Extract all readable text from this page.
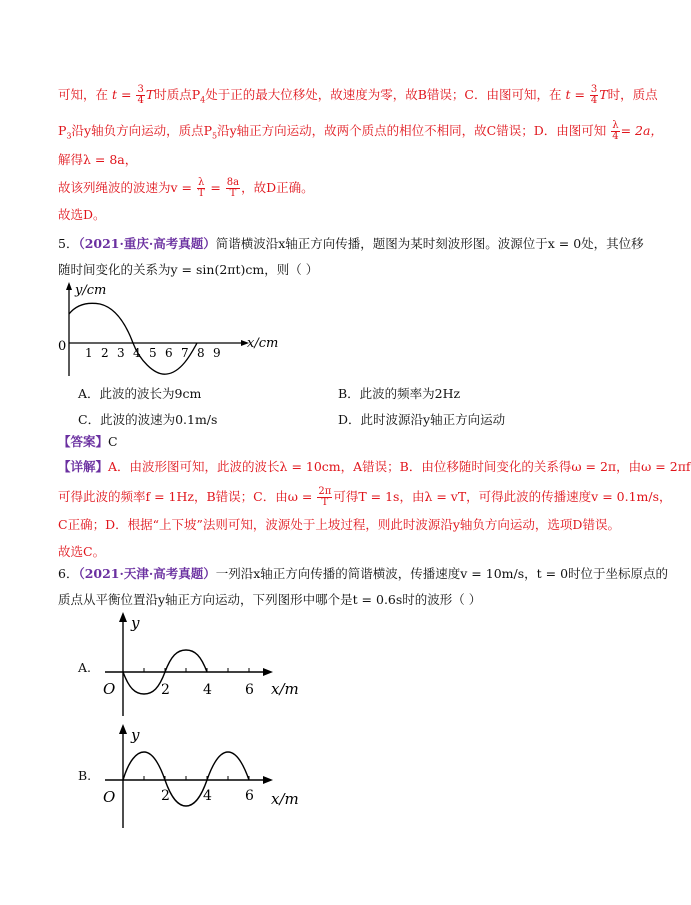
可知，在 $t = \frac{3}{4}$ T时质点$P_4$处于正的最大位移处，故速度为零，故B错误；C．由图可知，在 $t = \frac{3}{4}$ T时，质点
$P_3$沿y轴负方向运动，质点$P_5$沿y轴正方向运动，故两个质点的相位不相同，故C错误；D．由图可知 $\frac{\lambda}{4} = 2a$，
解得λ = 8a，
故该列绳波的波速为$v = \frac{\lambda}{T} = \frac{8a}{T}$ ，故D正确。
故选D。
5．（2021·重庆·高考真题）简谐横波沿x轴正方向传播，题图为某时刻波形图。波源位于x = 0处，其位移
随时间变化的关系为y = sin(2πt)cm，则（ ）
y/cm
x/cm
0 1 2 3 4 5 6 7 8 9
A．此波的波长为9cm	B．此波的频率为2Hz
C．此波的波速为0.1m/s	D．此时波源沿y轴正方向运动
【答案】C
【详解】A．由波形图可知，此波的波长λ = 10cm，A错误；B．由位移随时间变化的关系得ω = 2π，由ω = 2πf
可得此波的频率f = 1Hz，B错误；C．由$\omega = \frac{2\pi}{T}$ 可得T = 1s，由λ = vT，可得此波的传播速度v = 0.1m/s，
C正确；D．根据“上下坡”法则可知，波源处于上坡过程，则此时波源沿y轴负方向运动，选项D错误。
故选C。
6．（2021·天津·高考真题）一列沿x轴正方向传播的简谐横波，传播速度v = 10m/s，t = 0时位于坐标原点的
质点从平衡位置沿y轴正方向运动，下列图形中哪个是t = 0.6s时的波形（ ）
A.
y
x/m
O	2 4 6
B.
y
x/m
O	2 4 6
